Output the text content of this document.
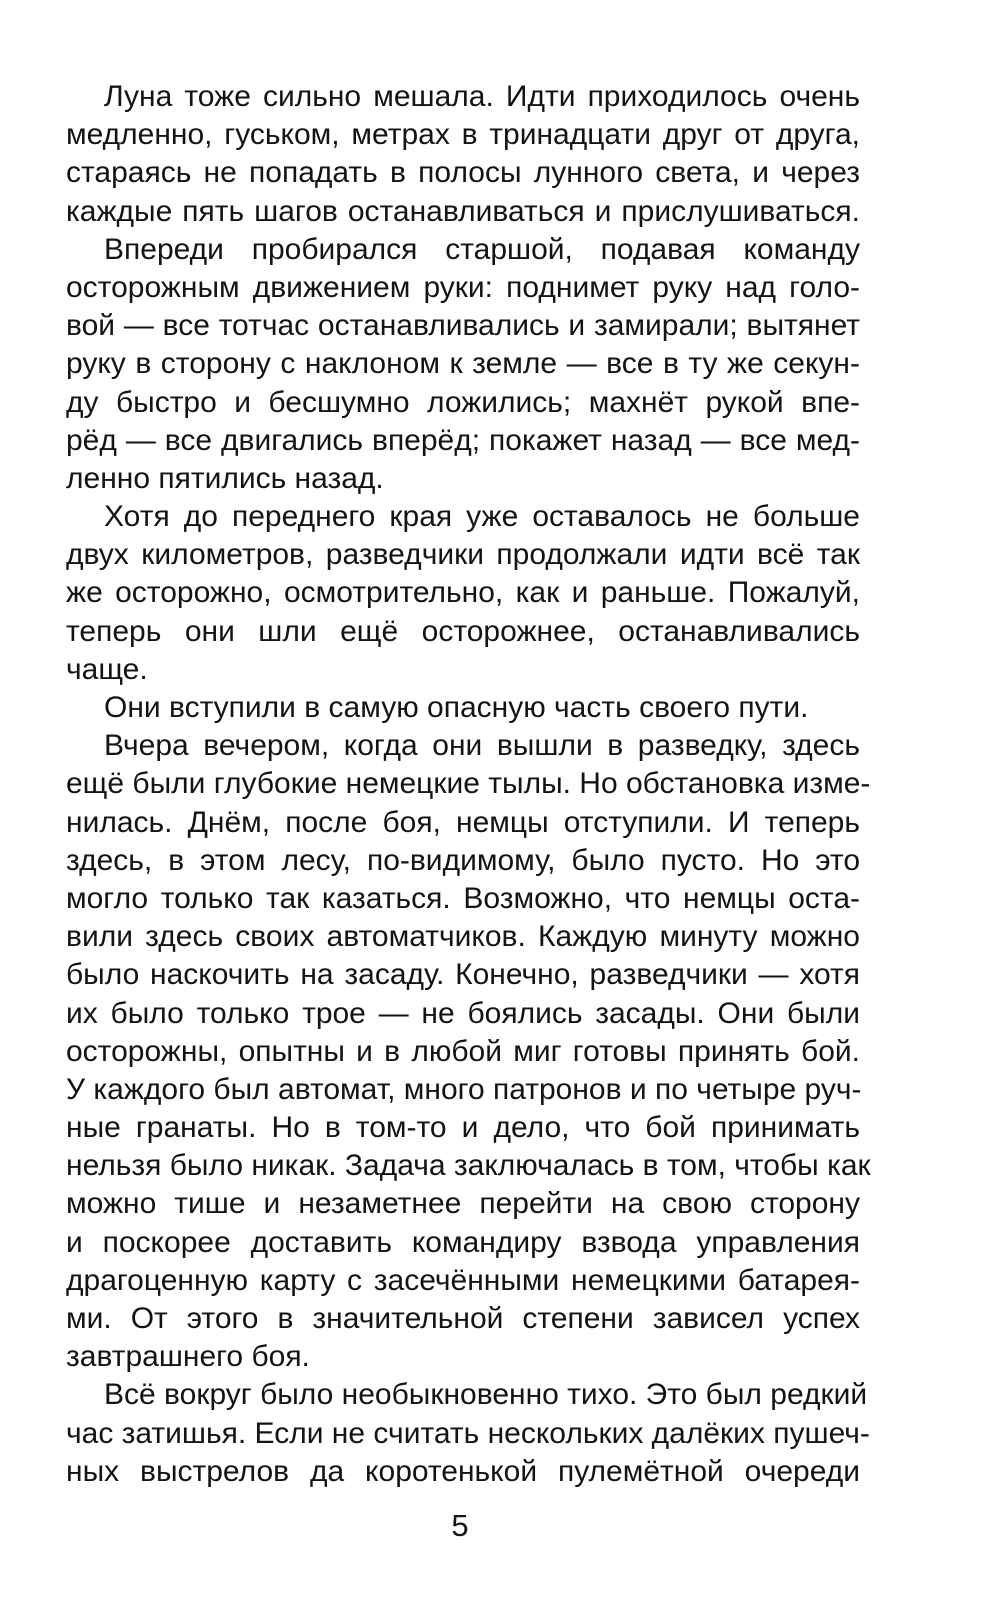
Луна тоже сильно мешала. Идти приходилось очень
медленно, гуськом, метрах в тринадцати друг от друга,
стараясь не попадать в полосы лунного света, и через
каждые пять шагов останавливаться и прислушиваться.
Впереди пробирался старшой, подавая команду
осторожным движением руки: поднимет руку над голо-
вой — все тотчас останавливались и замирали; вытянет
руку в сторону с наклоном к земле — все в ту же секун-
ду быстро и бесшумно ложились; махнёт рукой впе-
рёд — все двигались вперёд; покажет назад — все мед-
ленно пятились назад.
Хотя до переднего края уже оставалось не больше
двух километров, разведчики продолжали идти всё так
же осторожно, осмотрительно, как и раньше. Пожалуй,
теперь они шли ещё осторожнее, останавливались
чаще.
Они вступили в самую опасную часть своего пути.
Вчера вечером, когда они вышли в разведку, здесь
ещё были глубокие немецкие тылы. Но обстановка изме-
нилась. Днём, после боя, немцы отступили. И теперь
здесь, в этом лесу, по-видимому, было пусто. Но это
могло только так казаться. Возможно, что немцы оста-
вили здесь своих автоматчиков. Каждую минуту можно
было наскочить на засаду. Конечно, разведчики — хотя
их было только трое — не боялись засады. Они были
осторожны, опытны и в любой миг готовы принять бой.
У каждого был автомат, много патронов и по четыре руч-
ные гранаты. Но в том-то и дело, что бой принимать
нельзя было никак. Задача заключалась в том, чтобы как
можно тише и незаметнее перейти на свою сторону
и поскорее доставить командиру взвода управления
драгоценную карту с засечёнными немецкими батарея-
ми. От этого в значительной степени зависел успех
завтрашнего боя.
Всё вокруг было необыкновенно тихо. Это был редкий
час затишья. Если не считать нескольких далёких пушеч-
ных выстрелов да коротенькой пулемётной очереди
5
